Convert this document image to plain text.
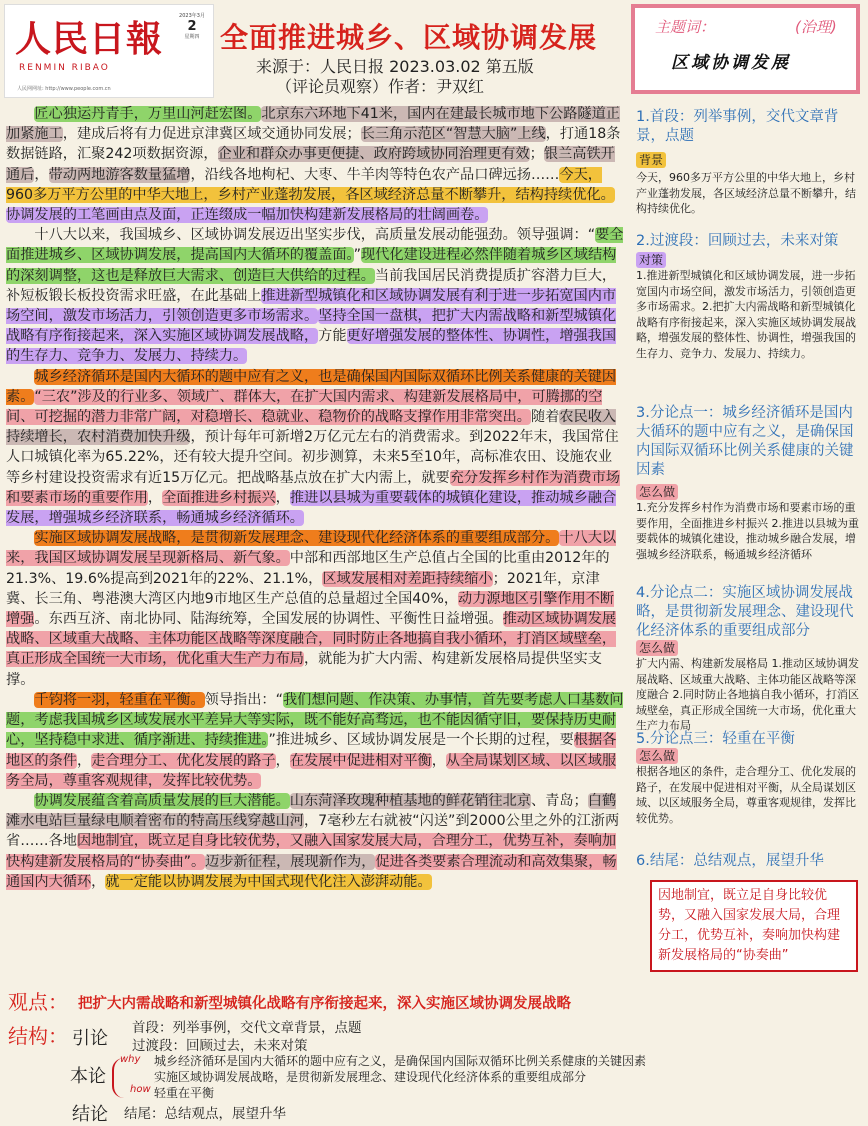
人民日報
RENMIN RIBAO
人民网网址: http://www.people.com.cn
2023年3月
2
星期四 全面推进城乡、区域协调发展
来源于：人民日报 2023.03.02 第五版
（评论员观察）作者：尹双红
主题词：	(治理)
区域协调发展

匠心独运丹青手，万里山河赶宏图。北京东六环地下41米，国内在建最长城市地下公路隧道正加紧施工，建成后将有力促进京津冀区域交通协同发展；长三角示范区“智慧大脑”上线，打通18条数据链路，汇聚242项数据资源，企业和群众办事更便捷、政府跨域协同治理更有效；银兰高铁开通后，带动两地游客数量猛增，沿线各地枸杞、大枣、牛羊肉等特色农产品口碑远扬……今天，960多万平方公里的中华大地上，乡村产业蓬勃发展，各区域经济总量不断攀升，结构持续优化。协调发展的工笔画由点及面，正连缀成一幅加快构建新发展格局的壮阔画卷。

十八大以来，我国城乡、区域协调发展迈出坚实步伐，高质量发展动能强劲。领导强调：“要全面推进城乡、区域协调发展，提高国内大循环的覆盖面。”现代化建设进程必然伴随着城乡区域结构的深刻调整，这也是释放巨大需求、创造巨大供给的过程。当前我国居民消费提质扩容潜力巨大，补短板锻长板投资需求旺盛，在此基础上推进新型城镇化和区域协调发展有利于进一步拓宽国内市场空间，激发市场活力，引领创造更多市场需求。坚持全国一盘棋，把扩大内需战略和新型城镇化战略有序衔接起来，深入实施区域协调发展战略，方能更好增强发展的整体性、协调性，增强我国的生存力、竞争力、发展力、持续力。

城乡经济循环是国内大循环的题中应有之义，也是确保国内国际双循环比例关系健康的关键因素。“三农”涉及的行业多、领域广、群体大，在扩大国内需求、构建新发展格局中，可腾挪的空间、可挖掘的潜力非常广阔，对稳增长、稳就业、稳物价的战略支撑作用非常突出。随着农民收入持续增长，农村消费加快升级，预计每年可新增2万亿元左右的消费需求。到2022年末，我国常住人口城镇化率为65.22%，还有较大提升空间。初步测算，未来5至10年，高标准农田、设施农业等乡村建设投资需求有近15万亿元。把战略基点放在扩大内需上，就要充分发挥乡村作为消费市场和要素市场的重要作用，全面推进乡村振兴，推进以县城为重要载体的城镇化建设，推动城乡融合发展，增强城乡经济联系，畅通城乡经济循环。

实施区域协调发展战略，是贯彻新发展理念、建设现代化经济体系的重要组成部分。十八大以来，我国区域协调发展呈现新格局、新气象。中部和西部地区生产总值占全国的比重由2012年的21.3%、19.6%提高到2021年的22%、21.1%，区域发展相对差距持续缩小；2021年，京津冀、长三角、粤港澳大湾区内地9市地区生产总值的总量超过全国40%，动力源地区引擎作用不断增强。东西互济、南北协同、陆海统筹，全国发展的协调性、平衡性日益增强。推动区域协调发展战略、区域重大战略、主体功能区战略等深度融合，同时防止各地搞自我小循环，打消区域壁垒，真正形成全国统一大市场，优化重大生产力布局，就能为扩大内需、构建新发展格局提供坚实支撑。

千钧将一羽，轻重在平衡。领导指出：“我们想问题、作决策、办事情，首先要考虑人口基数问题，考虑我国城乡区域发展水平差异大等实际，既不能好高骛远，也不能因循守旧，要保持历史耐心，坚持稳中求进、循序渐进、持续推进。”推进城乡、区域协调发展是一个长期的过程，要根据各地区的条件，走合理分工、优化发展的路子，在发展中促进相对平衡，从全局谋划区域、以区域服务全局，尊重客观规律，发挥比较优势。

协调发展蕴含着高质量发展的巨大潜能。山东菏泽玫瑰种植基地的鲜花销往北京、青岛；白鹤滩水电站巨量绿电顺着密布的特高压线穿越山河，7毫秒左右就被“闪送”到2000公里之外的江浙两省……各地因地制宜，既立足自身比较优势，又融入国家发展大局，合理分工，优势互补，奏响加快构建新发展格局的“协奏曲”。迈步新征程，展现新作为，促进各类要素合理流动和高效集聚，畅通国内大循环，就一定能以协调发展为中国式现代化注入澎湃动能。

1.首段：列举事例，交代文章背景，点题
背景
今天，960多万平方公里的中华大地上，乡村产业蓬勃发展，各区域经济总量不断攀升，结构持续优化。
2.过渡段：回顾过去，未来对策
对策
1.推进新型城镇化和区域协调发展，进一步拓宽国内市场空间，激发市场活力，引领创造更多市场需求。2.把扩大内需战略和新型城镇化战略有序衔接起来，深入实施区域协调发展战略，增强发展的整体性、协调性，增强我国的生存力、竞争力、发展力、持续力。
3.分论点一：城乡经济循环是国内大循环的题中应有之义，是确保国内国际双循环比例关系健康的关键因素
怎么做
1.充分发挥乡村作为消费市场和要素市场的重要作用，全面推进乡村振兴 2.推进以县城为重要载体的城镇化建设，推动城乡融合发展，增强城乡经济联系，畅通城乡经济循环
4.分论点二：实施区域协调发展战略，是贯彻新发展理念、建设现代化经济体系的重要组成部分
怎么做
扩大内需、构建新发展格局 1.推动区域协调发展战略、区域重大战略、主体功能区战略等深度融合 2.同时防止各地搞自我小循环，打消区域壁垒，真正形成全国统一大市场，优化重大生产力布局
5.分论点三：轻重在平衡
怎么做
根据各地区的条件，走合理分工、优化发展的路子，在发展中促进相对平衡，从全局谋划区域、以区域服务全局，尊重客观规律，发挥比较优势。
6.结尾：总结观点，展望升华
因地制宜，既立足自身比较优势，又融入国家发展大局，合理分工，优势互补，奏响加快构建新发展格局的“协奏曲”
观点： 把扩大内需战略和新型城镇化战略有序衔接起来，深入实施区域协调发展战略
结构： 引论 首段：列举事例，交代文章背景，点题
过渡段：回顾过去，未来对策
本论
why
how
城乡经济循环是国内大循环的题中应有之义，是确保国内国际双循环比例关系健康的关键因素
实施区域协调发展战略，是贯彻新发展理念、建设现代化经济体系的重要组成部分
轻重在平衡
结论 结尾：总结观点，展望升华
